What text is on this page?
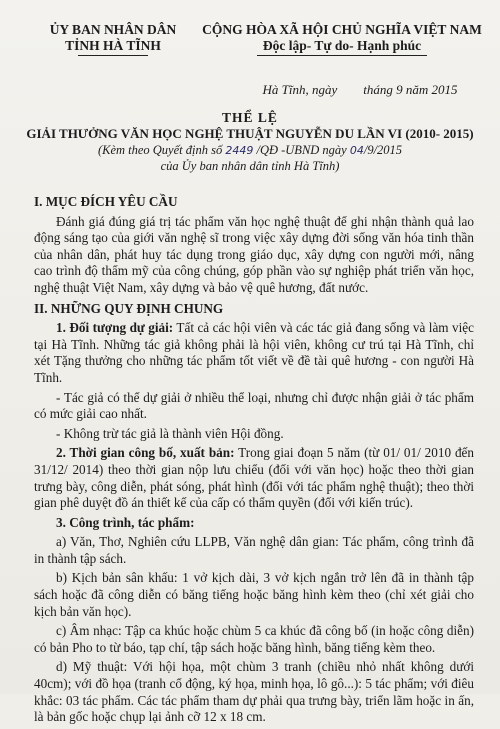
ỦY BAN NHÂN DÂN
TỈNH HÀ TĨNH
CỘNG HÒA XÃ HỘI CHỦ NGHĨA VIỆT NAM
Độc lập- Tự do- Hạnh phúc
Hà Tĩnh, ngày        tháng 9 năm 2015
THỂ LỆ
GIẢI THƯỞNG VĂN HỌC NGHỆ THUẬT NGUYỄN DU LẦN VI (2010- 2015)
(Kèm theo Quyết định số 2449 /QĐ -UBND ngày 04/9/2015
của Ủy ban nhân dân tỉnh Hà Tĩnh)

I. MỤC ĐÍCH YÊU CẦU

Đánh giá đúng giá trị tác phẩm văn học nghệ thuật để ghi nhận thành quả lao động sáng tạo của giới văn nghệ sĩ trong việc xây dựng đời sống văn hóa tinh thần của nhân dân, phát huy tác dụng trong giáo dục, xây dựng con người mới, nâng cao trình độ thẩm mỹ của công chúng, góp phần vào sự nghiệp phát triển văn học, nghệ thuật Việt Nam, xây dựng và bảo vệ quê hương, đất nước.

II. NHỮNG QUY ĐỊNH CHUNG

1. Đối tượng dự giải: Tất cả các hội viên và các tác giả đang sống và làm việc tại Hà Tĩnh. Những tác giả không phải là hội viên, không cư trú tại Hà Tĩnh, chỉ xét Tặng thưởng cho những tác phẩm tốt viết về đề tài quê hương - con người Hà Tĩnh.

- Tác giả có thể dự giải ở nhiều thể loại, nhưng chỉ được nhận giải ở tác phẩm có mức giải cao nhất.

- Không trừ tác giả là thành viên Hội đồng.

2. Thời gian công bố, xuất bản: Trong giai đoạn 5 năm (từ 01/ 01/ 2010 đến 31/12/ 2014) theo thời gian nộp lưu chiểu (đối với văn học) hoặc theo thời gian trưng bày, công diễn, phát sóng, phát hình (đối với tác phẩm nghệ thuật); theo thời gian phê duyệt đồ án thiết kế của cấp có thẩm quyền (đối với kiến trúc).

3. Công trình, tác phẩm:

a) Văn, Thơ, Nghiên cứu LLPB, Văn nghệ dân gian: Tác phẩm, công trình đã in thành tập sách.

b) Kịch bản sân khấu: 1 vở kịch dài, 3 vở kịch ngắn trở lên đã in thành tập sách hoặc đã công diễn có băng tiếng hoặc băng hình kèm theo (chỉ xét giải cho kịch bản văn học).

c) Âm nhạc: Tập ca khúc hoặc chùm 5 ca khúc đã công bố (in hoặc công diễn) có bản Pho to từ báo, tạp chí, tập sách hoặc băng hình, băng tiếng kèm theo.

d) Mỹ thuật: Với hội họa, một chùm 3 tranh (chiều nhỏ nhất không dưới 40cm); với đồ họa (tranh cổ động, ký họa, minh họa, lô gô...): 5 tác phẩm; với điêu khắc: 03 tác phẩm. Các tác phẩm tham dự phải qua trưng bày, triển lãm hoặc in ấn, là bản gốc hoặc chụp lại ảnh cỡ 12 x 18 cm.
